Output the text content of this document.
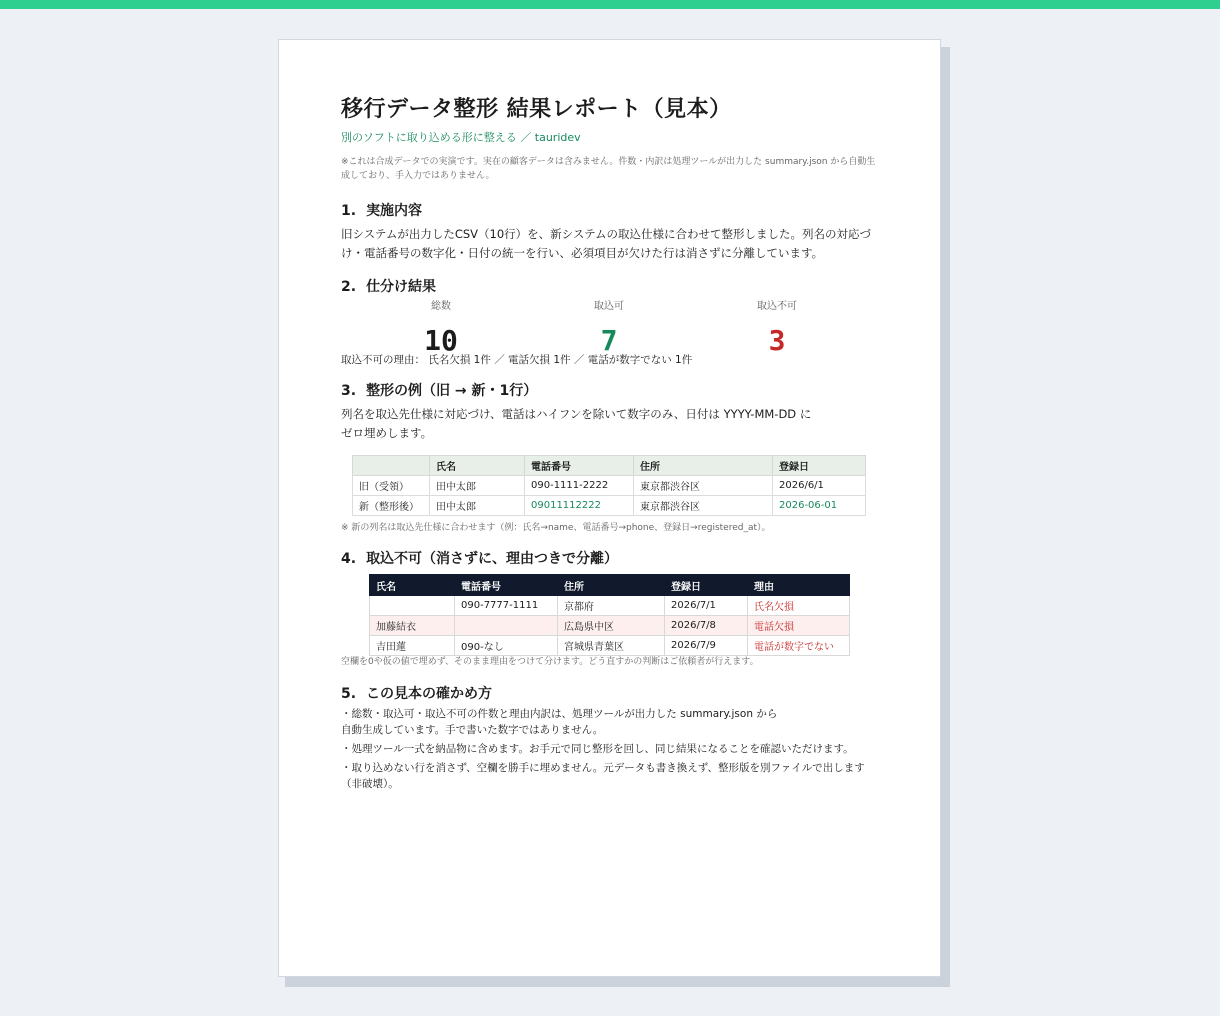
移行データ整形 結果レポート（見本）
別のソフトに取り込める形に整える ／ tauridev
※これは合成データでの実演です。実在の顧客データは含みません。件数・内訳は処理ツールが出力した summary.json から自動生成しており、手入力ではありません。
1. 実施内容
旧システムが出力したCSV（10行）を、新システムの取込仕様に合わせて整形しました。列名の対応づけ・電話番号の数字化・日付の統一を行い、必須項目が欠けた行は消さずに分離しています。
2. 仕分け結果
総数
10
取込可
7
取込不可
3
取込不可の理由： 氏名欠損 1件 ／ 電話欠損 1件 ／ 電話が数字でない 1件
3. 整形の例（旧 → 新・1行）
列名を取込先仕様に対応づけ、電話はハイフンを除いて数字のみ、日付は YYYY-MM-DD にゼロ埋めします。
	氏名	電話番号	住所	登録日
旧（受領）	田中太郎	090-1111-2222	東京都渋谷区	2026/6/1
新（整形後）	田中太郎	09011112222	東京都渋谷区	2026-06-01
※ 新の列名は取込先仕様に合わせます（例：氏名→name、電話番号→phone、登録日→registered_at）。
4. 取込不可（消さずに、理由つきで分離）
氏名	電話番号	住所	登録日	理由
	090-7777-1111	京都府	2026/7/1	氏名欠損
加藤結衣		広島県中区	2026/7/8	電話欠損
吉田蓮	090-なし	宮城県青葉区	2026/7/9	電話が数字でない
空欄を0や仮の値で埋めず、そのまま理由をつけて分けます。どう直すかの判断はご依頼者が行えます。
5. この見本の確かめ方

・総数・取込可・取込不可の件数と理由内訳は、処理ツールが出力した summary.json から自動生成しています。手で書いた数字ではありません。

・処理ツール一式を納品物に含めます。お手元で同じ整形を回し、同じ結果になることを確認いただけます。

・取り込めない行を消さず、空欄を勝手に埋めません。元データも書き換えず、整形版を別ファイルで出します（非破壊）。
